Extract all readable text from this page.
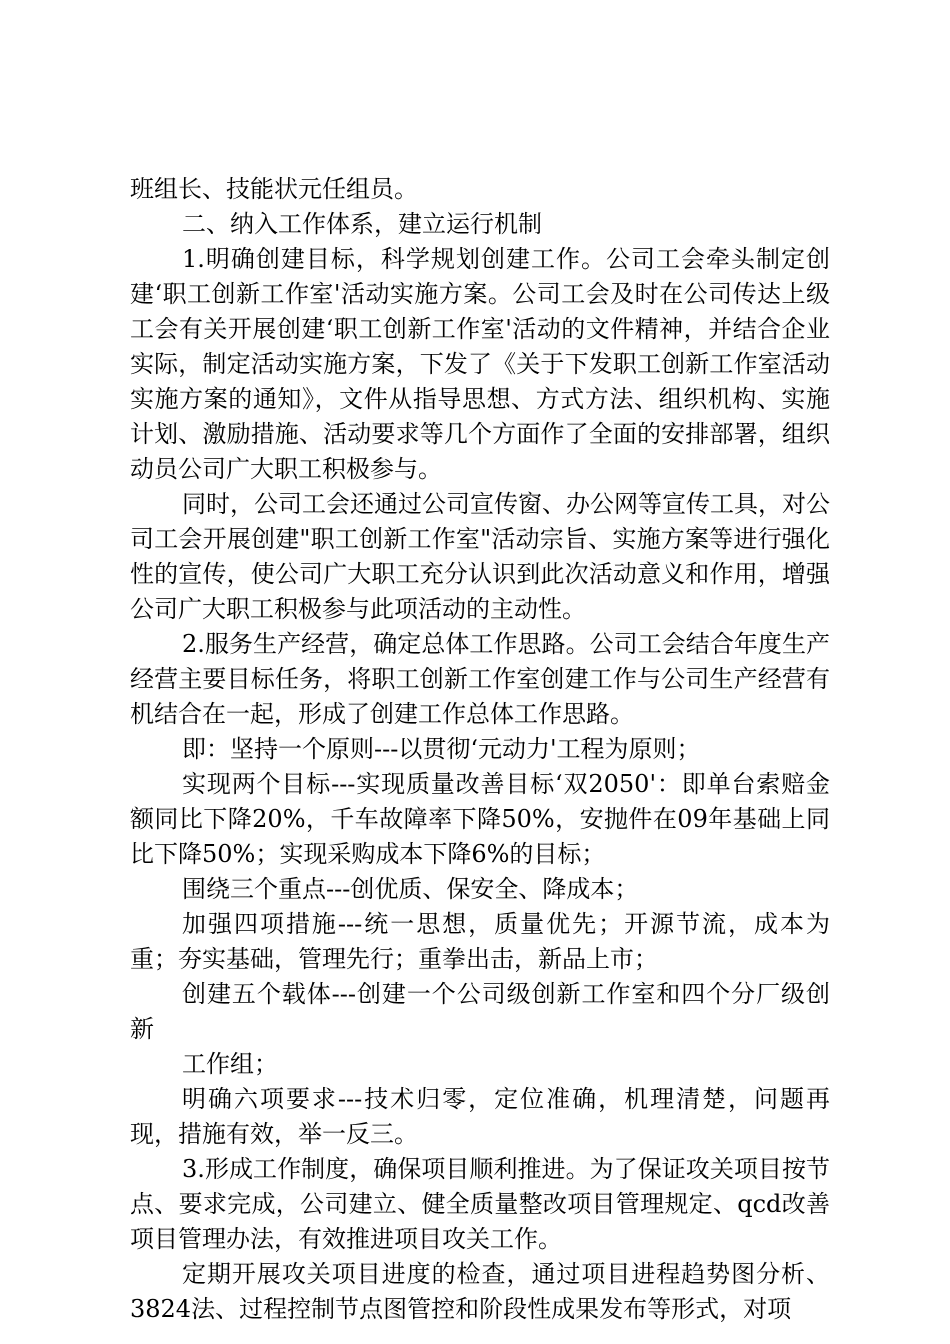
班组长、技能状元任组员。

二、纳入工作体系，建立运行机制

1.明确创建目标，科学规划创建工作。公司工会牵头制定创建‘职工创新工作室'活动实施方案。公司工会及时在公司传达上级工会有关开展创建‘职工创新工作室'活动的文件精神，并结合企业实际，制定活动实施方案，下发了《关于下发职工创新工作室活动实施方案的通知》，文件从指导思想、方式方法、组织机构、实施计划、激励措施、活动要求等几个方面作了全面的安排部署，组织动员公司广大职工积极参与。

同时，公司工会还通过公司宣传窗、办公网等宣传工具，对公司工会开展创建"职工创新工作室"活动宗旨、实施方案等进行强化性的宣传，使公司广大职工充分认识到此次活动意义和作用，增强公司广大职工积极参与此项活动的主动性。

2.服务生产经营，确定总体工作思路。公司工会结合年度生产经营主要目标任务，将职工创新工作室创建工作与公司生产经营有机结合在一起，形成了创建工作总体工作思路。

即：坚持一个原则---以贯彻‘元动力'工程为原则；

实现两个目标---实现质量改善目标‘双2050'：即单台索赔金额同比下降20%，千车故障率下降50%，安抛件在09年基础上同比下降50%；实现采购成本下降6%的目标；

围绕三个重点---创优质、保安全、降成本；

加强四项措施---统一思想，质量优先；开源节流，成本为重；夯实基础，管理先行；重拳出击，新品上市；

创建五个载体---创建一个公司级创新工作室和四个分厂级创新

工作组；

明确六项要求---技术归零，定位准确，机理清楚，问题再现，措施有效，举一反三。

3.形成工作制度，确保项目顺利推进。为了保证攻关项目按节点、要求完成，公司建立、健全质量整改项目管理规定、qcd改善项目管理办法，有效推进项目攻关工作。

定期开展攻关项目进度的检查，通过项目进程趋势图分析、3824法、过程控制节点图管控和阶段性成果发布等形式，对项
